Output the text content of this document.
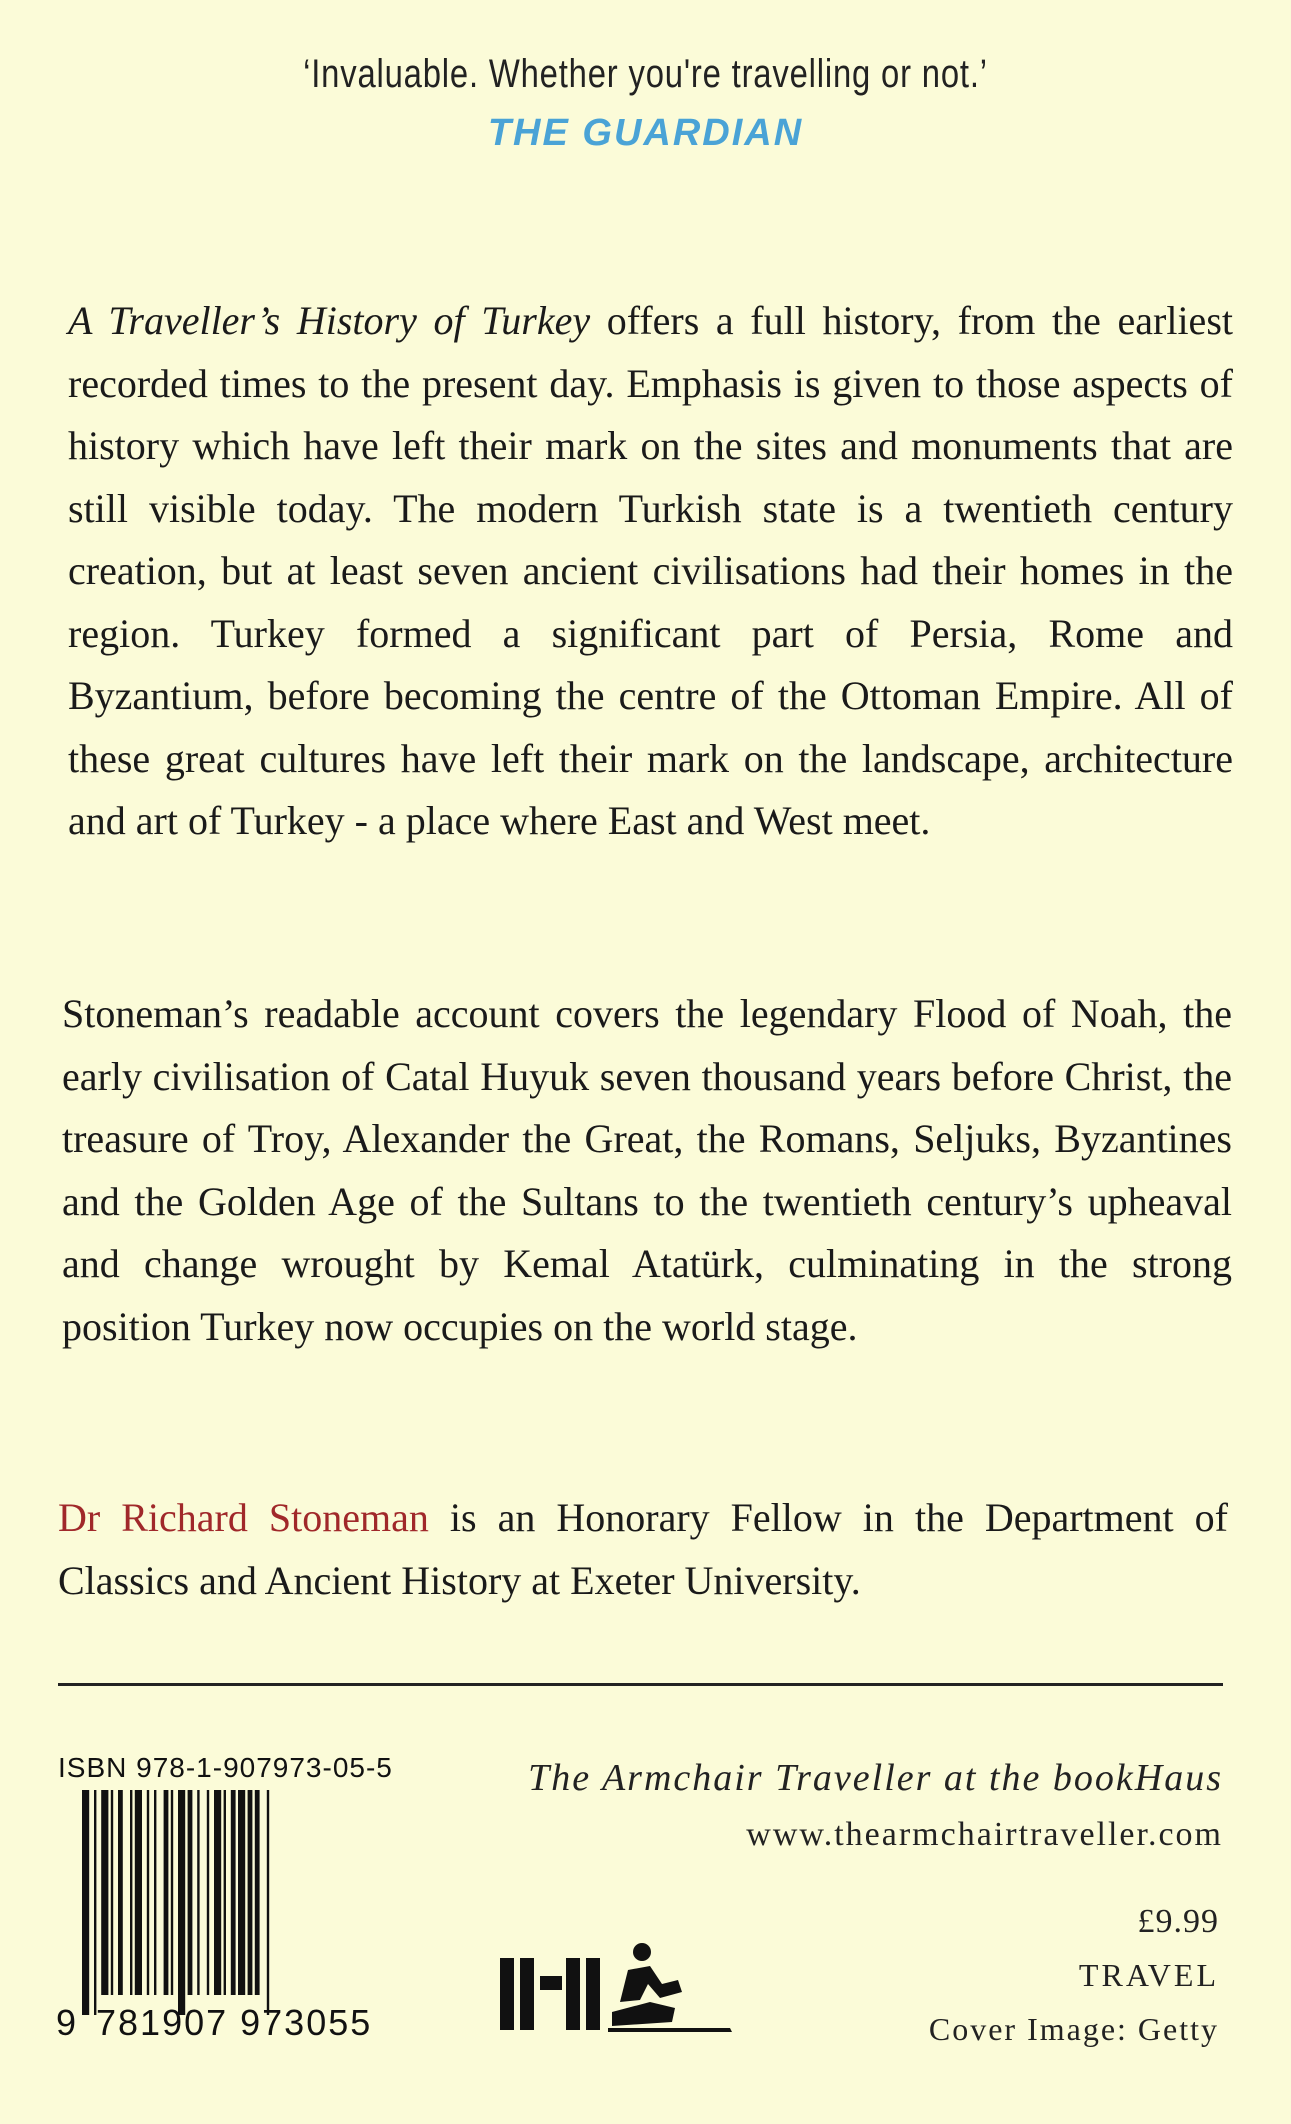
‘Invaluable. Whether you're travelling or not.’
THE GUARDIAN
A Traveller’s History of Turkey offers a full history, from the earliest recorded times to the present day. Emphasis is given to those aspects of history which have left their mark on the sites and monuments that are still visible today. The modern Turkish state is a twentieth century creation, but at least seven ancient civilisations had their homes in the region. Turkey formed a significant part of Persia, Rome and Byzantium, before becoming the centre of the Ottoman Empire. All of these great cultures have left their mark on the landscape, architecture and art of Turkey - a place where East and West meet.
Stoneman’s readable account covers the legendary Flood of Noah, the early civilisation of Catal Huyuk seven thousand years before Christ, the treasure of Troy, Alexander the Great, the Romans, Seljuks, Byzantines and the Golden Age of the Sultans to the twentieth century’s upheaval and change wrought by Kemal Atatürk, culminating in the strong position Turkey now occupies on the world stage.
Dr Richard Stoneman is an Honorary Fellow in the Department of Classics and Ancient History at Exeter University.
ISBN 978-1-907973-05-5
9 781907 973055
The Armchair Traveller at the bookHaus
www.thearmchairtraveller.com
£9.99
TRAVEL
Cover Image: Getty
